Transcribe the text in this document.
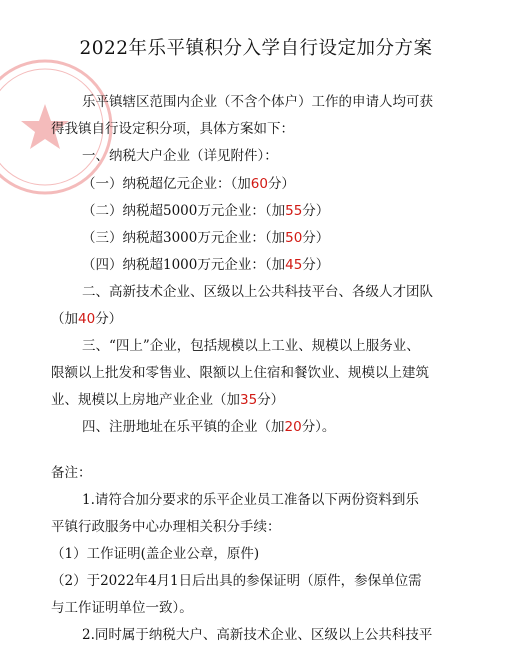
2022年乐平镇积分入学自行设定加分方案
乐平镇辖区范围内企业（不含个体户）工作的申请人均可获
得我镇自行设定积分项，具体方案如下：
一、纳税大户企业（详见附件）：
（一）纳税超亿元企业：（加60分）
（二）纳税超5000万元企业：（加55分）
（三）纳税超3000万元企业：（加50分）
（四）纳税超1000万元企业：（加45分）
二、高新技术企业、区级以上公共科技平台、各级人才团队
（加40分）
三、“四上”企业，包括规模以上工业、规模以上服务业、
限额以上批发和零售业、限额以上住宿和餐饮业、规模以上建筑
业、规模以上房地产业企业（加35分）
四、注册地址在乐平镇的企业（加20分）。
备注：
1.请符合加分要求的乐平企业员工准备以下两份资料到乐
平镇行政服务中心办理相关积分手续：
（1）工作证明(盖企业公章，原件)
（2）于2022年4月1日后出具的参保证明（原件，参保单位需
与工作证明单位一致）。
2.同时属于纳税大户、高新技术企业、区级以上公共科技平
